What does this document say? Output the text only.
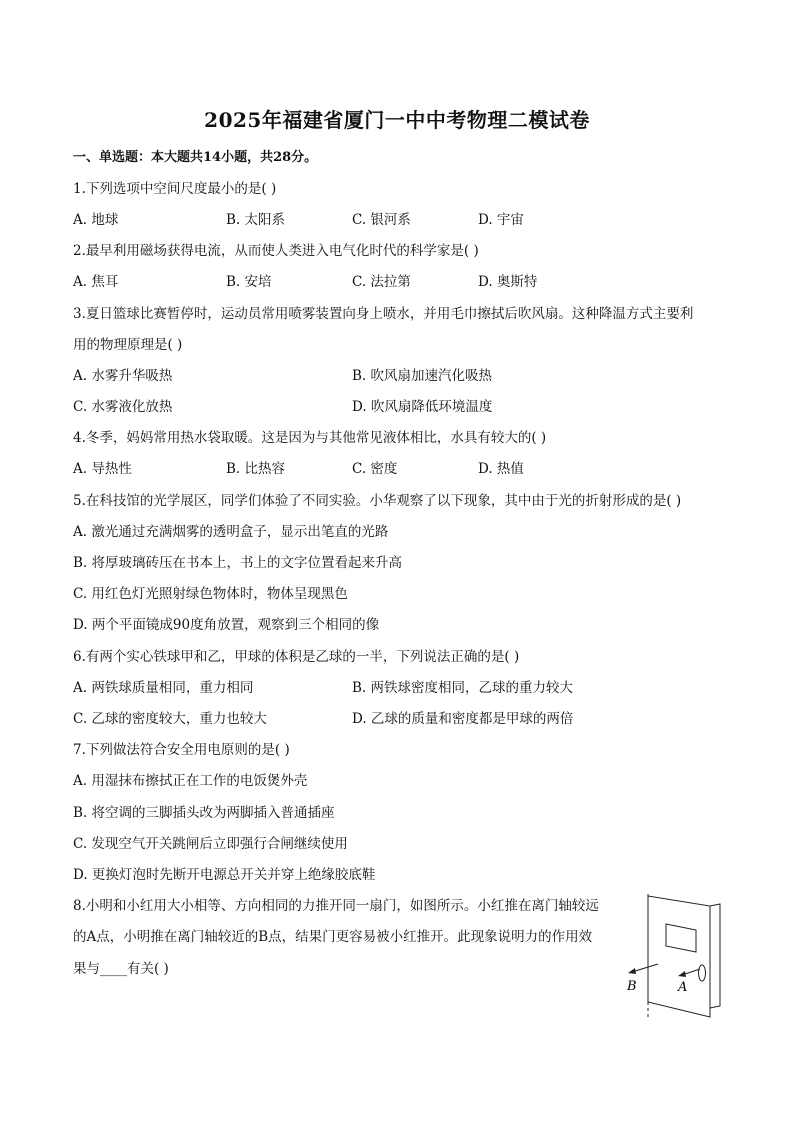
2025年福建省厦门一中中考物理二模试卷
一、单选题：本大题共14小题，共28分。
1.下列选项中空间尺度最小的是( )
A. 地球	B. 太阳系	C. 银河系	D. 宇宙
2.最早利用磁场获得电流，从而使人类进入电气化时代的科学家是( )
A. 焦耳	B. 安培	C. 法拉第	D. 奥斯特
3.夏日篮球比赛暂停时，运动员常用喷雾装置向身上喷水，并用毛巾擦拭后吹风扇。这种降温方式主要利
用的物理原理是( )
A. 水雾升华吸热	B. 吹风扇加速汽化吸热
C. 水雾液化放热	D. 吹风扇降低环境温度
4.冬季，妈妈常用热水袋取暖。这是因为与其他常见液体相比，水具有较大的( )
A. 导热性	B. 比热容	C. 密度	D. 热值
5.在科技馆的光学展区，同学们体验了不同实验。小华观察了以下现象，其中由于光的折射形成的是( )
A. 激光通过充满烟雾的透明盒子，显示出笔直的光路
B. 将厚玻璃砖压在书本上，书上的文字位置看起来升高
C. 用红色灯光照射绿色物体时，物体呈现黑色
D. 两个平面镜成90度角放置，观察到三个相同的像
6.有两个实心铁球甲和乙，甲球的体积是乙球的一半，下列说法正确的是( )
A. 两铁球质量相同，重力相同	B. 两铁球密度相同，乙球的重力较大
C. 乙球的密度较大，重力也较大	D. 乙球的质量和密度都是甲球的两倍
7.下列做法符合安全用电原则的是( )
A. 用湿抹布擦拭正在工作的电饭煲外壳
B. 将空调的三脚插头改为两脚插入普通插座
C. 发现空气开关跳闸后立即强行合闸继续使用
D. 更换灯泡时先断开电源总开关并穿上绝缘胶底鞋
8.小明和小红用大小相等、方向相同的力推开同一扇门，如图所示。小红推在离门轴较远
的A点，小明推在离门轴较近的B点，结果门更容易被小红推开。此现象说明力的作用效
果与____有关( )
B	A
